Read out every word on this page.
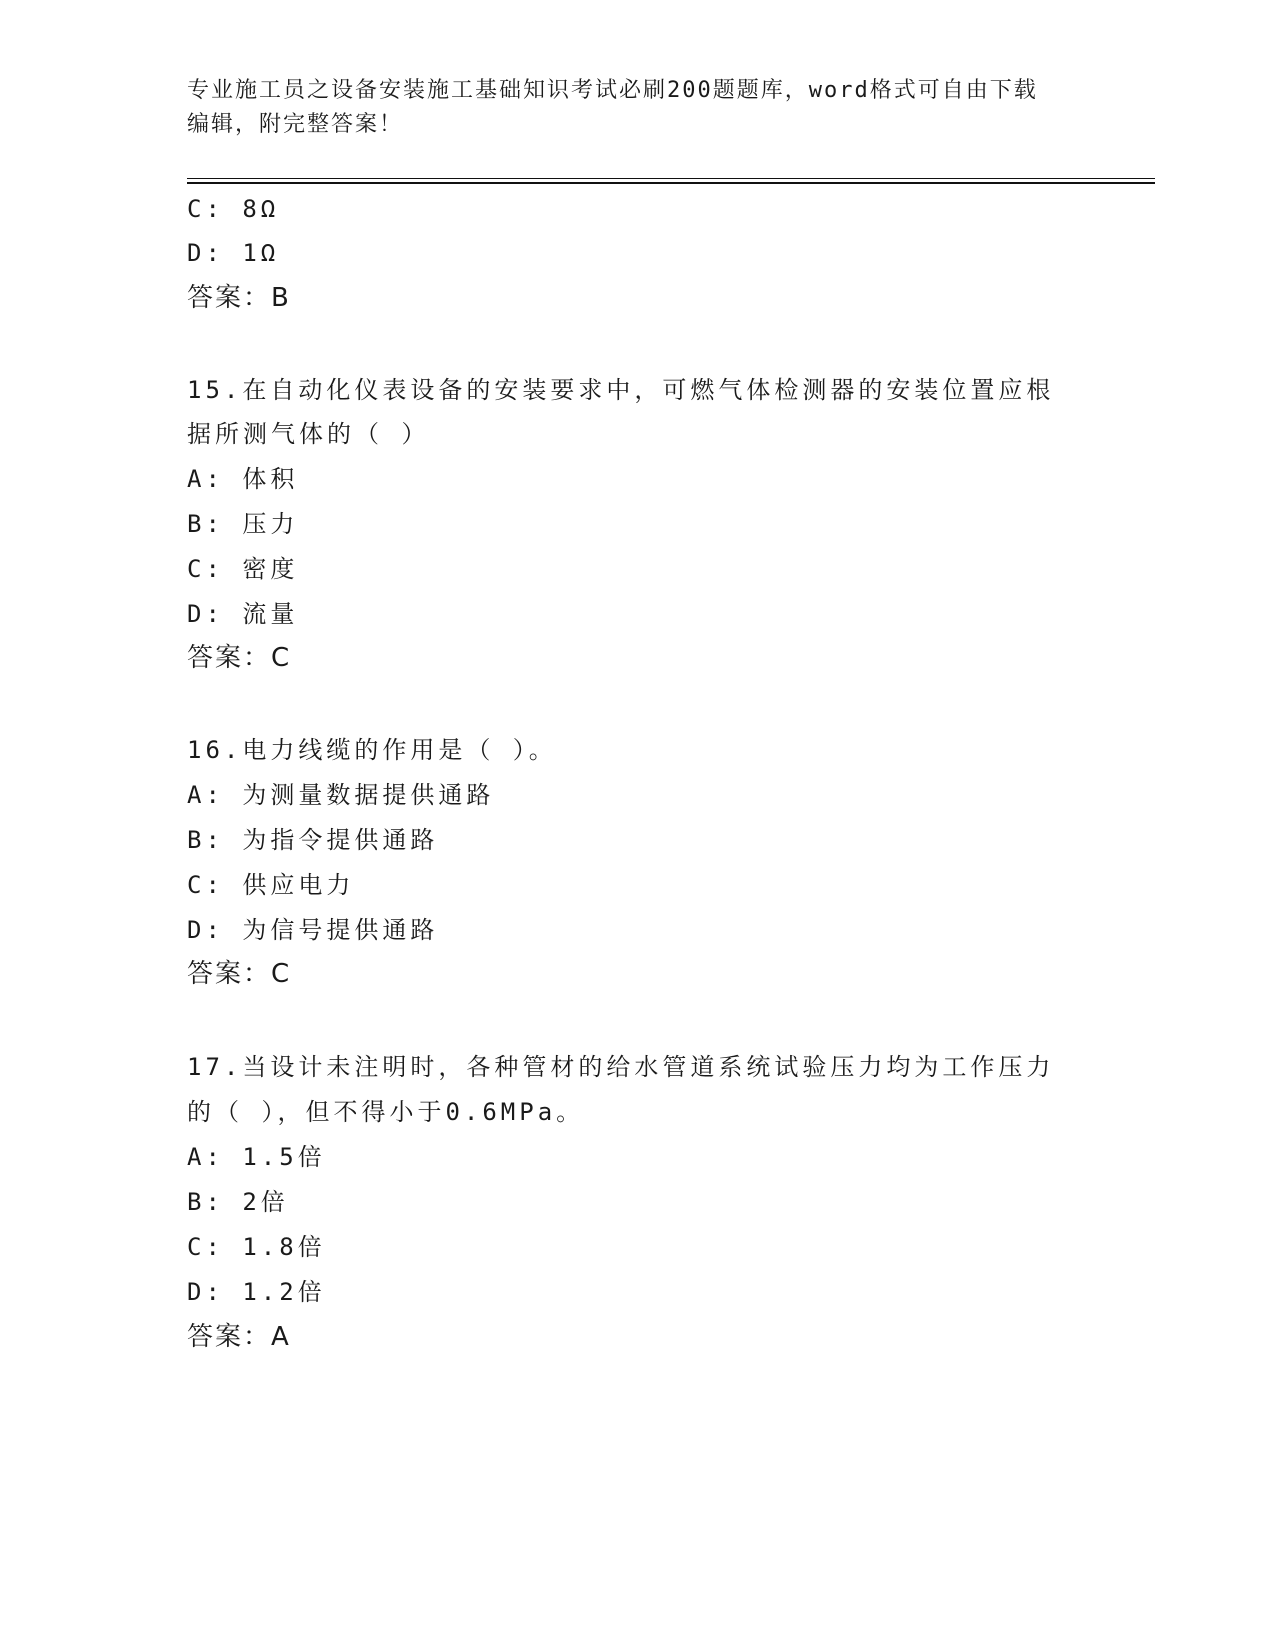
专业施工员之设备安装施工基础知识考试必刷200题题库，word格式可自由下载
编辑，附完整答案！
C: 8Ω
D: 1Ω
答案：B
15.在自动化仪表设备的安装要求中，可燃气体检测器的安装位置应根
据所测气体的（ ）
A: 体积
B: 压力
C: 密度
D: 流量
答案：C
16.电力线缆的作用是（ ）。
A: 为测量数据提供通路
B: 为指令提供通路
C: 供应电力
D: 为信号提供通路
答案：C
17.当设计未注明时，各种管材的给水管道系统试验压力均为工作压力
的（ ），但不得小于0.6MPa。
A: 1.5倍
B: 2倍
C: 1.8倍
D: 1.2倍
答案：A
